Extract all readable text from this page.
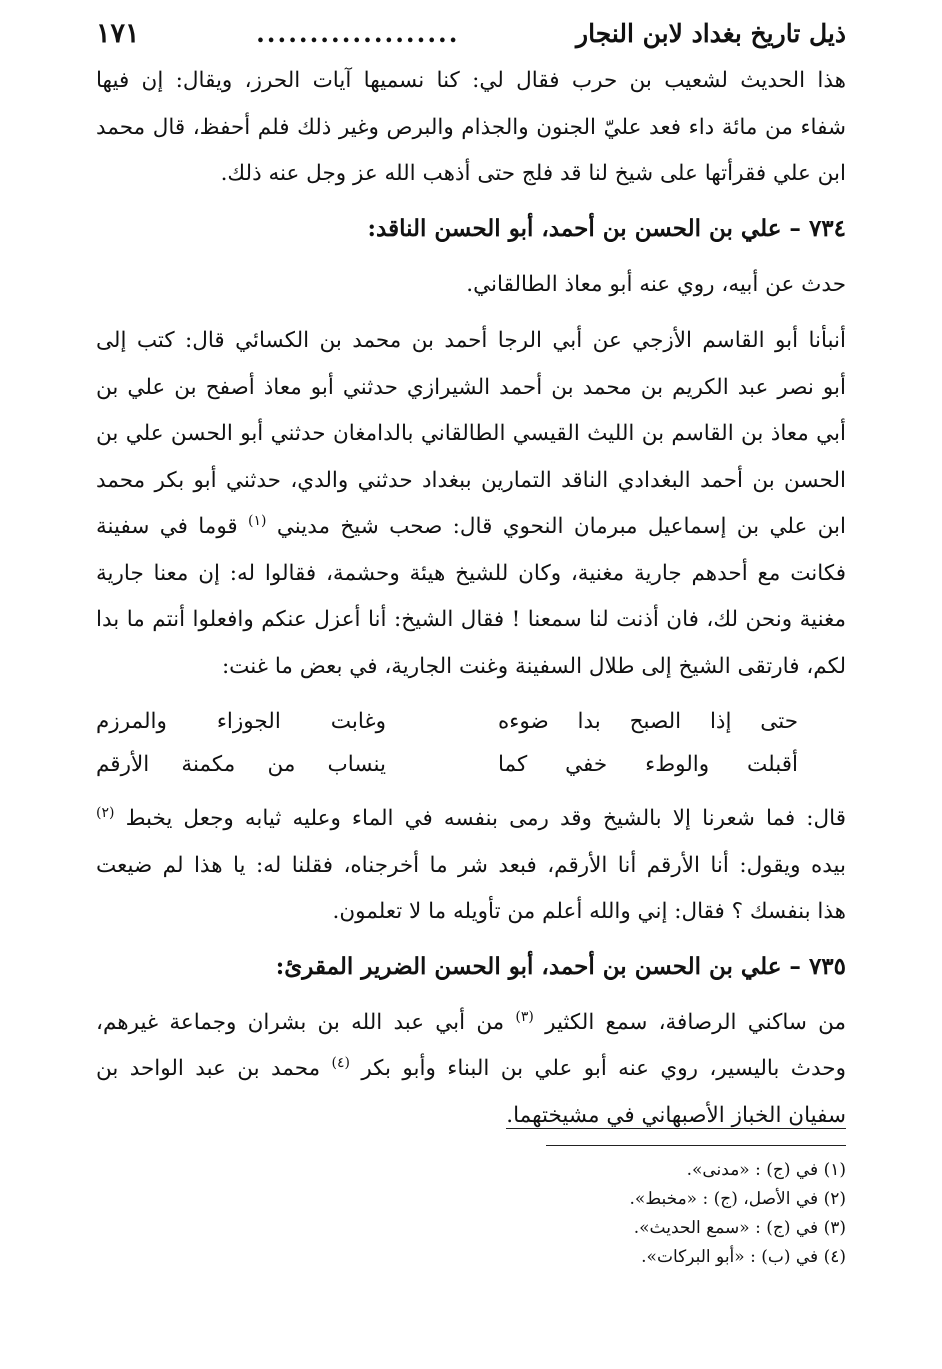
ذيل تاريخ بغداد لابن النجار
...................
١٧١
هذا الحديث لشعيب بن حرب فقال لي: كنا نسميها آيات الحرز، ويقال: إن فيها
شفاء من مائة داء فعد عليّ الجنون والجذام والبرص وغير ذلك فلم أحفظ، قال محمد
ابن علي فقرأتها على شيخ لنا قد فلج حتى أذهب الله عز وجل عنه ذلك.
٧٣٤ – علي بن الحسن بن أحمد، أبو الحسن الناقد:
حدث عن أبيه، روي عنه أبو معاذ الطالقاني.
أنبأنا أبو القاسم الأزجي عن أبي الرجا أحمد بن محمد بن الكسائي قال: كتب إلى
أبو نصر عبد الكريم بن محمد بن أحمد الشيرازي حدثني أبو معاذ أصفح بن علي بن
أبي معاذ بن القاسم بن الليث القيسي الطالقاني بالدامغان حدثني أبو الحسن علي بن
الحسن بن أحمد البغدادي الناقد التمارين ببغداد حدثني والدي، حدثني أبو بكر محمد
ابن علي بن إسماعيل مبرمان النحوي قال: صحب شيخ مديني $^{(١)}$ قوما في سفينة
فكانت مع أحدهم جارية مغنية، وكان للشيخ هيئة وحشمة، فقالوا له: إن معنا جارية
مغنية ونحن لك، فان أذنت لنا سمعنا ! فقال الشيخ: أنا أعزل عنكم وافعلوا أنتم ما بدا
لكم، فارتقى الشيخ إلى طلال السفينة وغنت الجارية، في بعض ما غنت:
حتى إذا الصبح بدا ضوءه
وغابت الجوزاء والمرزم
أقبلت والوطء خفي كما
ينساب من مكمنة الأرقم
قال: فما شعرنا إلا بالشيخ وقد رمى بنفسه في الماء وعليه ثيابه وجعل يخبط $^{(٢)}$
بيده ويقول: أنا الأرقم أنا الأرقم، فبعد شر ما أخرجناه، فقلنا له: يا هذا لم ضيعت
هذا بنفسك ؟ فقال: إني والله أعلم من تأويله ما لا تعلمون.
٧٣٥ – علي بن الحسن بن أحمد، أبو الحسن الضرير المقرئ:
من ساكني الرصافة، سمع الكثير $^{(٣)}$ من أبي عبد الله بن بشران وجماعة غيرهم،
وحدث باليسير، روي عنه أبو علي بن البناء وأبو بكر $^{(٤)}$ محمد بن عبد الواحد بن
سفيان الخباز الأصبهاني في مشيختهما.
(١) في (ج) : «مدنى».
(٢) في الأصل، (ج) : «مخبط».
(٣) في (ج) : «سمع الحديث».
(٤) في (ب) : «أبو البركات».
